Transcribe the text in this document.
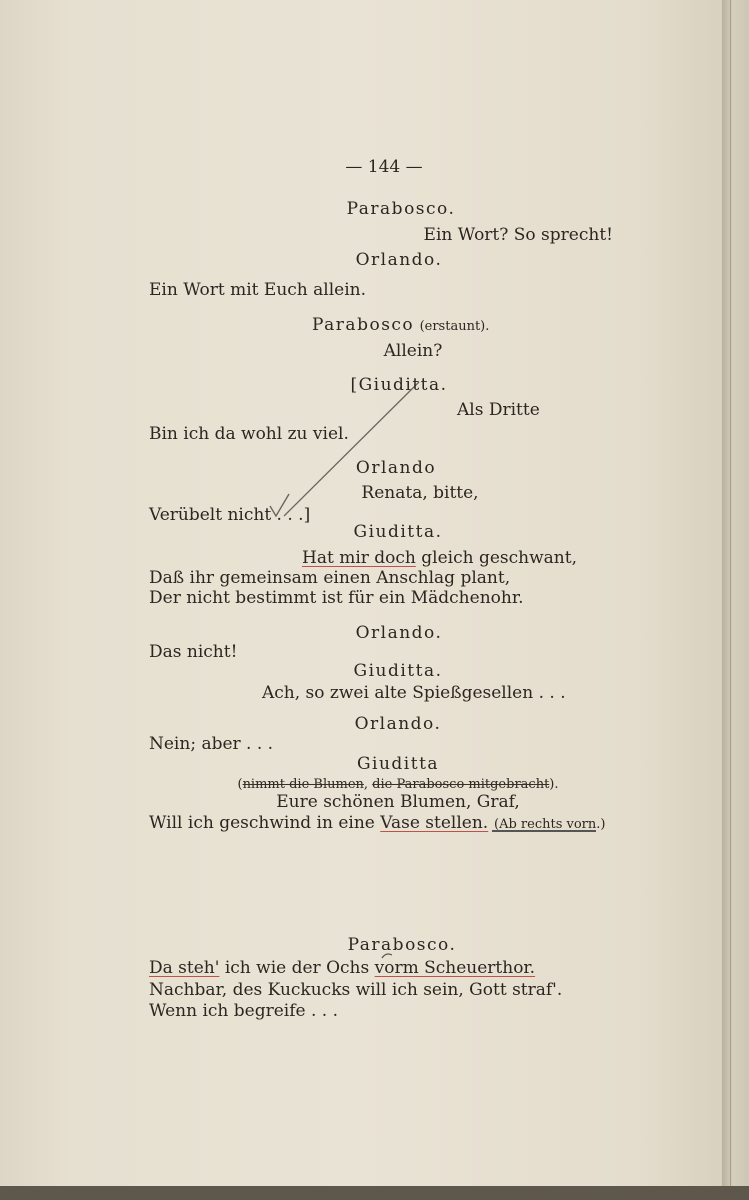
— 144 —
Parabosco.
Ein Wort? So sprecht!
Orlando.
Ein Wort mit Euch allein.
Parabosco (erstaunt).
Allein?
[Giuditta.
Als Dritte
Bin ich da wohl zu viel.
Orlando
Renata, bitte,
Verübelt nicht . . .]
Giuditta.
Hat mir doch gleich geschwant,
Daß ihr gemeinsam einen Anschlag plant,
Der nicht bestimmt ist für ein Mädchenohr.
Orlando.
Das nicht!
Giuditta.
Ach, so zwei alte Spießgesellen . . .
Orlando.
Nein; aber . . .
Giuditta
(nimmt die Blumen, die Parabosco mitgebracht).
Eure schönen Blumen, Graf,
Will ich geschwind in eine Vase stellen. (Ab rechts vorn.)
Parabosco.
Da steh' ich wie der Ochs vorm Scheuerthor.
Nachbar, des Kuckucks will ich sein, Gott straf'.
Wenn ich begreife . . .
